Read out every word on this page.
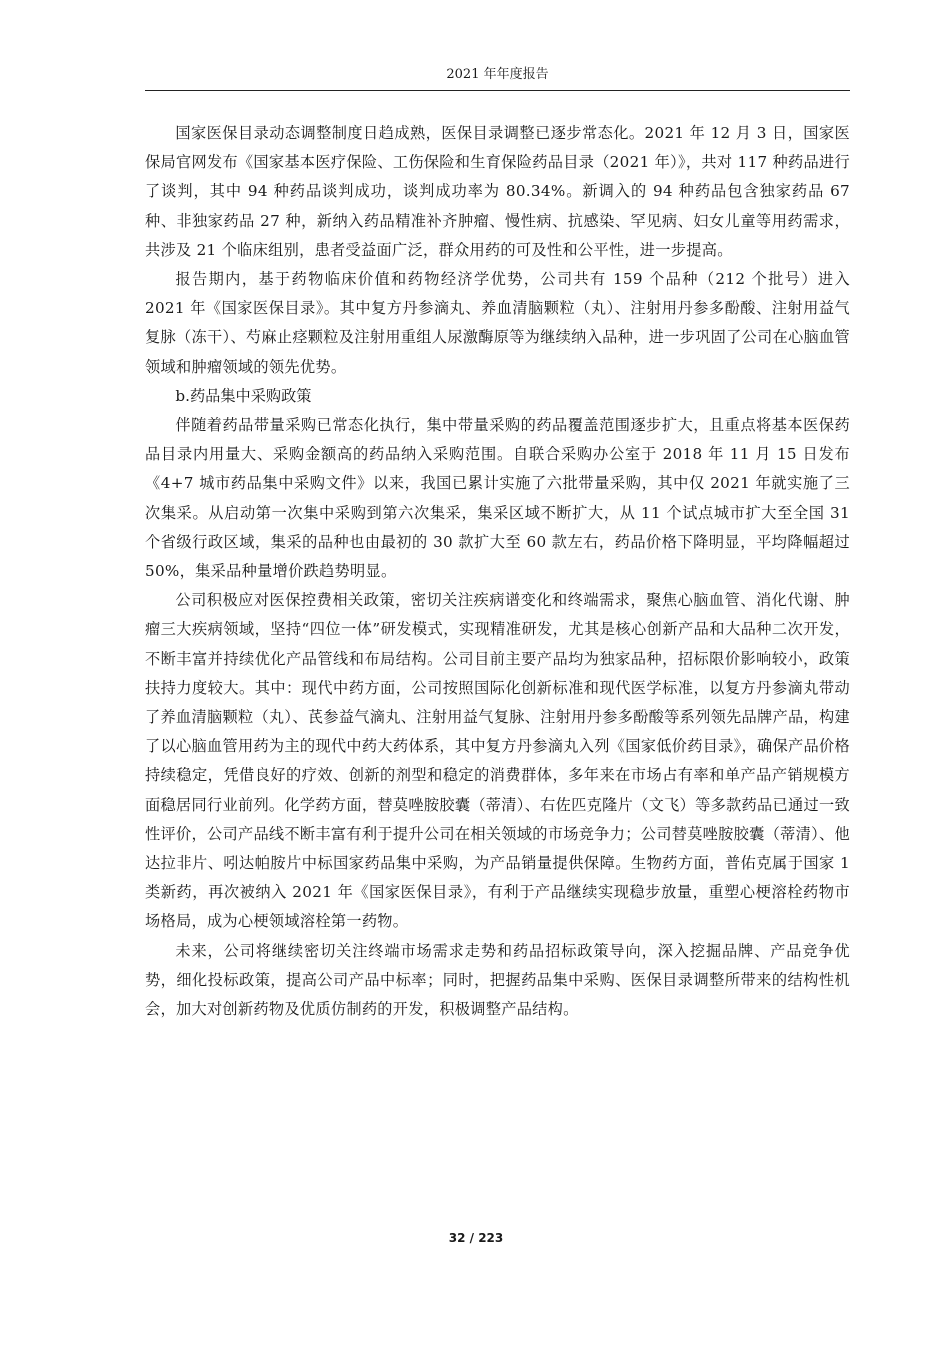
2021 年年度报告

国家医保目录动态调整制度日趋成熟，医保目录调整已逐步常态化。2021 年 12 月 3 日，国家医保局官网发布《国家基本医疗保险、工伤保险和生育保险药品目录（2021 年）》，共对 117 种药品进行了谈判，其中 94 种药品谈判成功，谈判成功率为 80.34%。新调入的 94 种药品包含独家药品 67 种、非独家药品 27 种，新纳入药品精准补齐肿瘤、慢性病、抗感染、罕见病、妇女儿童等用药需求，共涉及 21 个临床组别，患者受益面广泛，群众用药的可及性和公平性，进一步提高。

报告期内，基于药物临床价值和药物经济学优势，公司共有 159 个品种（212 个批号）进入 2021 年《国家医保目录》。其中复方丹参滴丸、养血清脑颗粒（丸）、注射用丹参多酚酸、注射用益气复脉（冻干）、芍麻止痉颗粒及注射用重组人尿激酶原等为继续纳入品种，进一步巩固了公司在心脑血管领域和肿瘤领域的领先优势。

b.药品集中采购政策

伴随着药品带量采购已常态化执行，集中带量采购的药品覆盖范围逐步扩大，且重点将基本医保药品目录内用量大、采购金额高的药品纳入采购范围。自联合采购办公室于 2018 年 11 月 15 日发布《4+7 城市药品集中采购文件》以来，我国已累计实施了六批带量采购，其中仅 2021 年就实施了三次集采。从启动第一次集中采购到第六次集采，集采区域不断扩大，从 11 个试点城市扩大至全国 31 个省级行政区域，集采的品种也由最初的 30 款扩大至 60 款左右，药品价格下降明显，平均降幅超过 50%，集采品种量增价跌趋势明显。

公司积极应对医保控费相关政策，密切关注疾病谱变化和终端需求，聚焦心脑血管、消化代谢、肿瘤三大疾病领域，坚持“四位一体”研发模式，实现精准研发，尤其是核心创新产品和大品种二次开发，不断丰富并持续优化产品管线和布局结构。公司目前主要产品均为独家品种，招标限价影响较小，政策扶持力度较大。其中：现代中药方面，公司按照国际化创新标准和现代医学标准，以复方丹参滴丸带动了养血清脑颗粒（丸）、芪参益气滴丸、注射用益气复脉、注射用丹参多酚酸等系列领先品牌产品，构建了以心脑血管用药为主的现代中药大药体系，其中复方丹参滴丸入列《国家低价药目录》，确保产品价格持续稳定，凭借良好的疗效、创新的剂型和稳定的消费群体，多年来在市场占有率和单产品产销规模方面稳居同行业前列。化学药方面，替莫唑胺胶囊（蒂清）、右佐匹克隆片（文飞）等多款药品已通过一致性评价，公司产品线不断丰富有利于提升公司在相关领域的市场竞争力；公司替莫唑胺胶囊（蒂清）、他达拉非片、吲达帕胺片中标国家药品集中采购，为产品销量提供保障。生物药方面，普佑克属于国家 1 类新药，再次被纳入 2021 年《国家医保目录》，有利于产品继续实现稳步放量，重塑心梗溶栓药物市场格局，成为心梗领域溶栓第一药物。

未来，公司将继续密切关注终端市场需求走势和药品招标政策导向，深入挖掘品牌、产品竞争优势，细化投标政策，提高公司产品中标率；同时，把握药品集中采购、医保目录调整所带来的结构性机会，加大对创新药物及优质仿制药的开发，积极调整产品结构。

32 / 223
